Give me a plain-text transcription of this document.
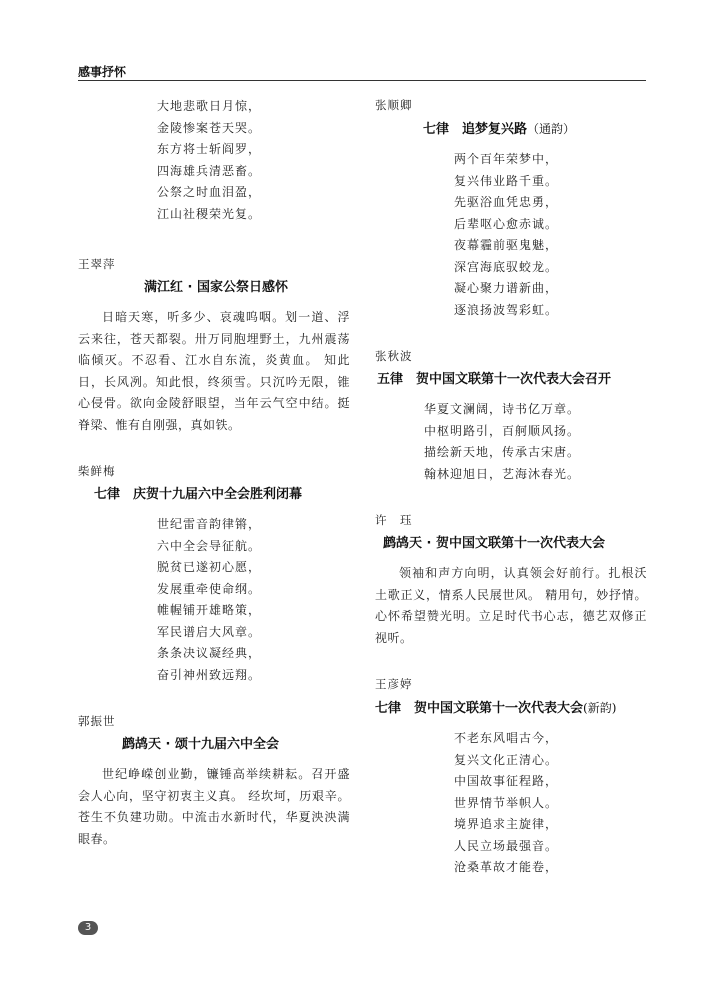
感事抒怀
大地悲歌日月惊，
金陵惨案苍天哭。
东方将士斩阎罗，
四海雄兵清恶畜。
公祭之时血泪盈，
江山社稷荣光复。
王翠萍
满江红 · 国家公祭日感怀

日暗天寒，听多少、哀魂呜咽。划一道、浮云来往，苍天都裂。卅万同胞埋野土，九州震荡临倾灭。不忍看、江水自东流，炎黄血。 知此日，长风冽。知此恨，终须雪。只沉吟无限，锥心侵骨。欲向金陵舒眼望，当年云气空中结。挺脊梁、惟有自刚强，真如铁。

柴鲜梅
七律　庆贺十九届六中全会胜利闭幕
世纪雷音韵律锵，
六中全会导征航。
脱贫已遂初心愿，
发展重牵使命纲。
帷幄铺开雄略策，
军民谱启大风章。
条条决议凝经典，
奋引神州致远翔。
郭振世
鹧鸪天 · 颂十九届六中全会

世纪峥嵘创业勤，镰锤高举续耕耘。召开盛会人心向，坚守初衷主义真。 经坎坷，历艰辛。苍生不负建功勋。中流击水新时代，华夏泱泱满眼春。

张顺卿
七律　追梦复兴路（通韵）
两个百年荣梦中，
复兴伟业路千重。
先驱浴血凭忠勇，
后辈呕心愈赤诚。
夜幕霾前驱鬼魅，
深宫海底驭蛟龙。
凝心聚力谱新曲，
逐浪扬波驾彩虹。
张秋波
五律　贺中国文联第十一次代表大会召开
华夏文澜阔，诗书亿万章。
中枢明路引，百舸顺风扬。
描绘新天地，传承古宋唐。
翰林迎旭日，艺海沐春光。
许　珏
鹧鸪天 · 贺中国文联第十一次代表大会

领袖和声方向明，认真领会好前行。扎根沃土歌正义，情系人民展世风。 精用句，妙抒情。心怀希望赞光明。立足时代书心志，德艺双修正视听。

王彦婷
七律　贺中国文联第十一次代表大会(新韵)
不老东风唱古今，
复兴文化正清心。
中国故事征程路，
世界情节举帜人。
境界追求主旋律，
人民立场最强音。
沧桑革故才能卷，
3
